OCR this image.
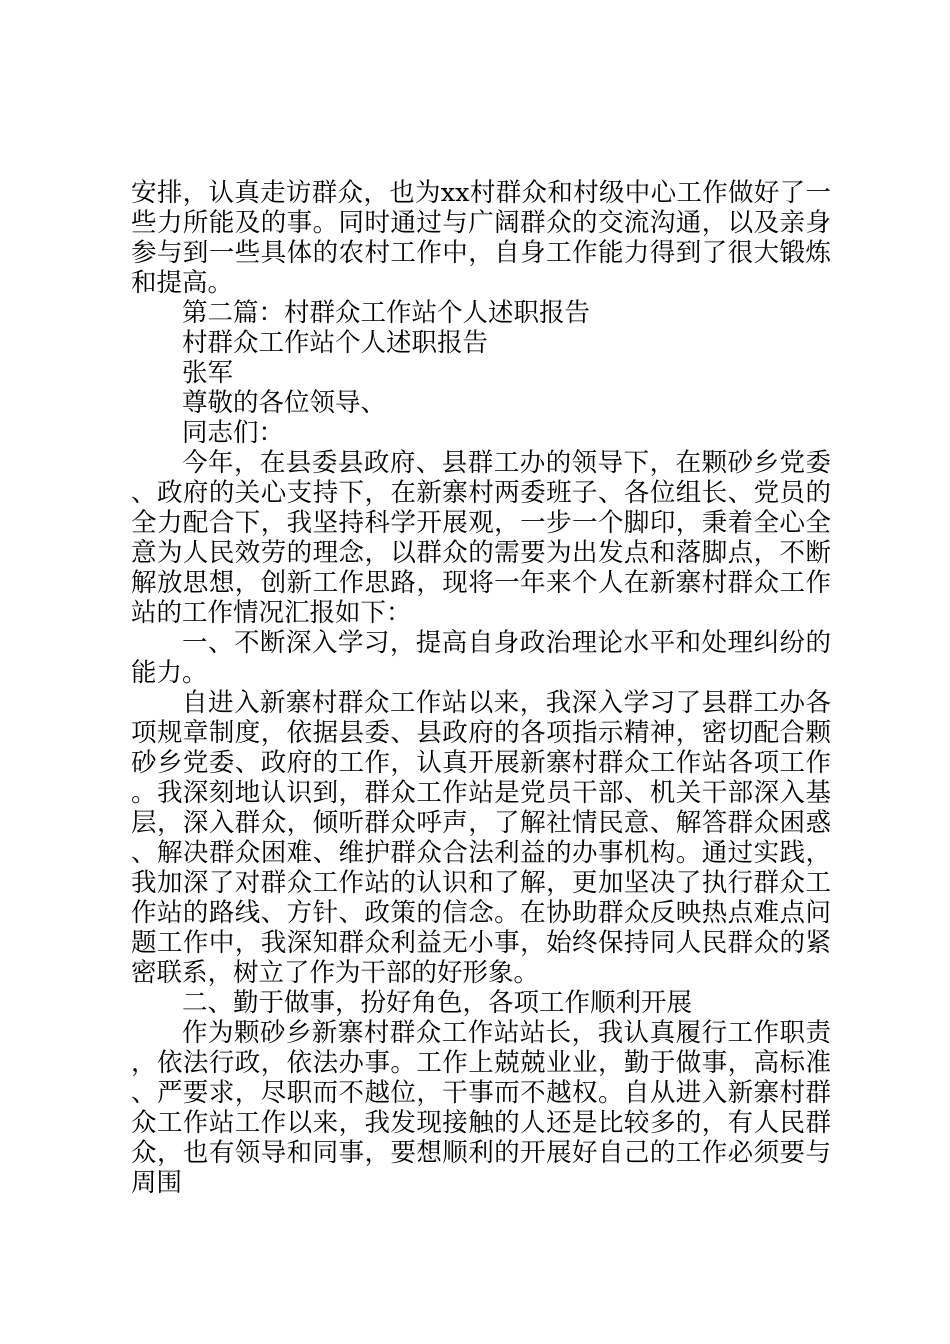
安排，认真走访群众，也为xx村群众和村级中心工作做好了一些力所能及的事。同时通过与广阔群众的交流沟通，以及亲身参与到一些具体的农村工作中，自身工作能力得到了很大锻炼和提高。

第二篇：村群众工作站个人述职报告

村群众工作站个人述职报告

张军

尊敬的各位领导、

同志们：

今年，在县委县政府、县群工办的领导下，在颗砂乡党委、政府的关心支持下，在新寨村两委班子、各位组长、党员的全力配合下，我坚持科学开展观，一步一个脚印，秉着全心全意为人民效劳的理念，以群众的需要为出发点和落脚点，不断解放思想，创新工作思路，现将一年来个人在新寨村群众工作站的工作情况汇报如下：

一、不断深入学习，提高自身政治理论水平和处理纠纷的能力。

自进入新寨村群众工作站以来，我深入学习了县群工办各项规章制度，依据县委、县政府的各项指示精神，密切配合颗砂乡党委、政府的工作，认真开展新寨村群众工作站各项工作。我深刻地认识到，群众工作站是党员干部、机关干部深入基层，深入群众，倾听群众呼声，了解社情民意、解答群众困惑、解决群众困难、维护群众合法利益的办事机构。通过实践，我加深了对群众工作站的认识和了解，更加坚决了执行群众工作站的路线、方针、政策的信念。在协助群众反映热点难点问题工作中，我深知群众利益无小事，始终保持同人民群众的紧密联系，树立了作为干部的好形象。

二、勤于做事，扮好角色，各项工作顺利开展

作为颗砂乡新寨村群众工作站站长，我认真履行工作职责，依法行政，依法办事。工作上兢兢业业，勤于做事，高标准、严要求，尽职而不越位，干事而不越权。自从进入新寨村群众工作站工作以来，我发现接触的人还是比较多的，有人民群众，也有领导和同事，要想顺利的开展好自己的工作必须要与周围
